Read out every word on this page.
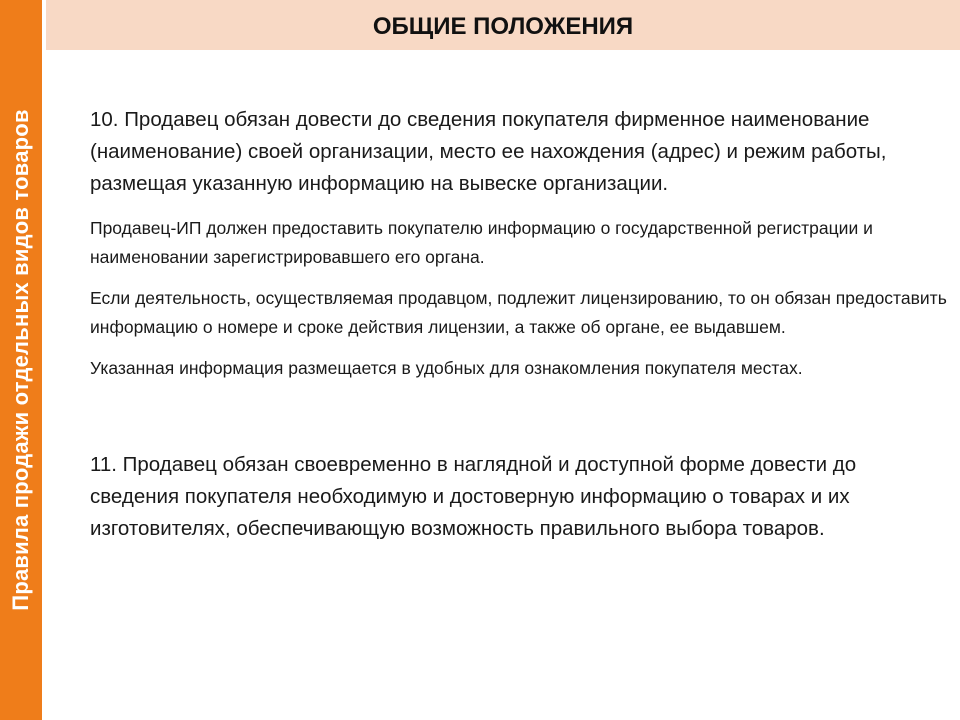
Правила продажи отдельных видов товаров
ОБЩИЕ ПОЛОЖЕНИЯ

10. Продавец обязан довести до сведения покупателя фирменное наименование (наименование) своей организации, место ее нахождения (адрес) и режим работы, размещая указанную информацию на вывеске организации.

Продавец-ИП должен предоставить покупателю информацию о государственной регистрации и наименовании зарегистрировавшего его органа.

Если деятельность, осуществляемая продавцом, подлежит лицензированию, то он обязан предоставить информацию о номере и сроке действия лицензии, а также об органе, ее выдавшем.

Указанная информация размещается в удобных для ознакомления покупателя местах.

11. Продавец обязан своевременно в наглядной и доступной форме довести до сведения покупателя необходимую и достоверную информацию о товарах и их изготовителях, обеспечивающую возможность правильного выбора товаров.
